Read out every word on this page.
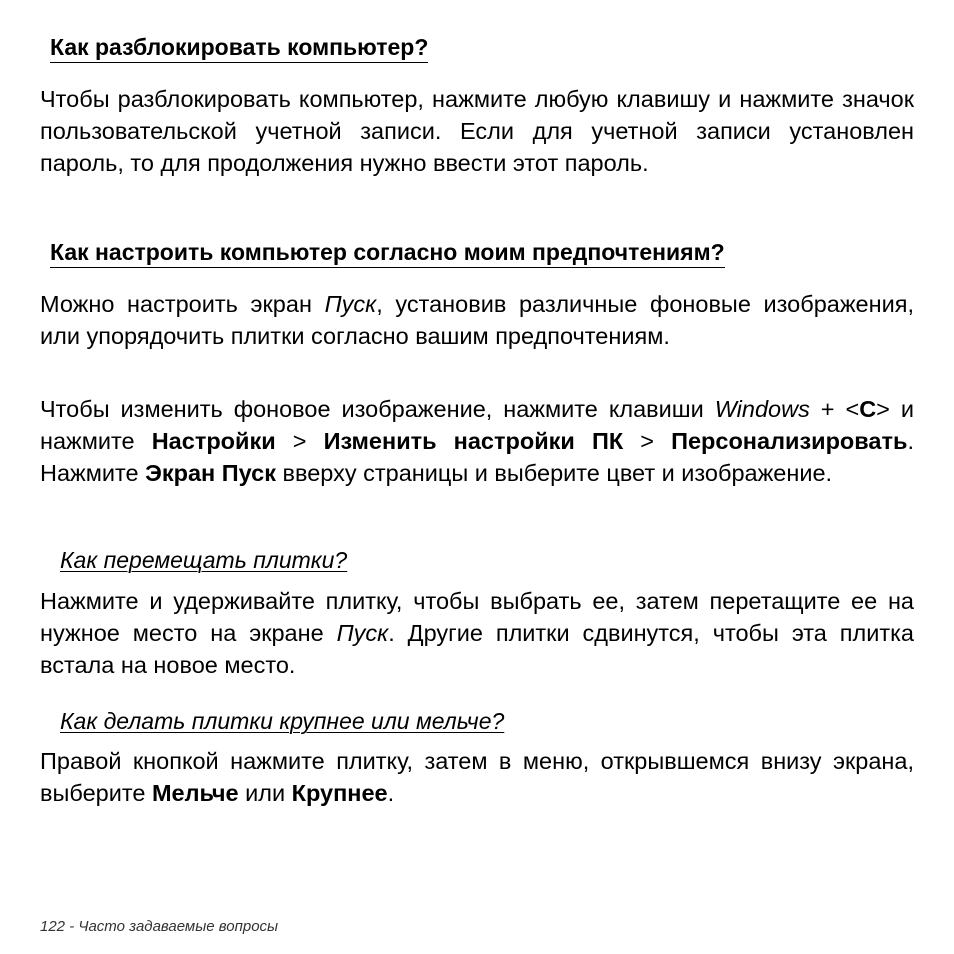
Как разблокировать компьютер?
Чтобы разблокировать компьютер, нажмите любую клавишу и нажмите значок пользовательской учетной записи. Если для учетной записи установлен пароль, то для продолжения нужно ввести этот пароль.
Как настроить компьютер согласно моим предпочтениям?
Можно настроить экран Пуск, установив различные фоновые изображения, или упорядочить плитки согласно вашим предпочтениям.
Чтобы изменить фоновое изображение, нажмите клавиши Windows + <C> и нажмите Настройки > Изменить настройки ПК > Персонализировать. Нажмите Экран Пуск вверху страницы и выберите цвет и изображение.
Как перемещать плитки?
Нажмите и удерживайте плитку, чтобы выбрать ее, затем перетащите ее на нужное место на экране Пуск. Другие плитки сдвинутся, чтобы эта плитка встала на новое место.
Как делать плитки крупнее или мельче?
Правой кнопкой нажмите плитку, затем в меню, открывшемся внизу экрана, выберите Мельче или Крупнее.
122 - Часто задаваемые вопросы
